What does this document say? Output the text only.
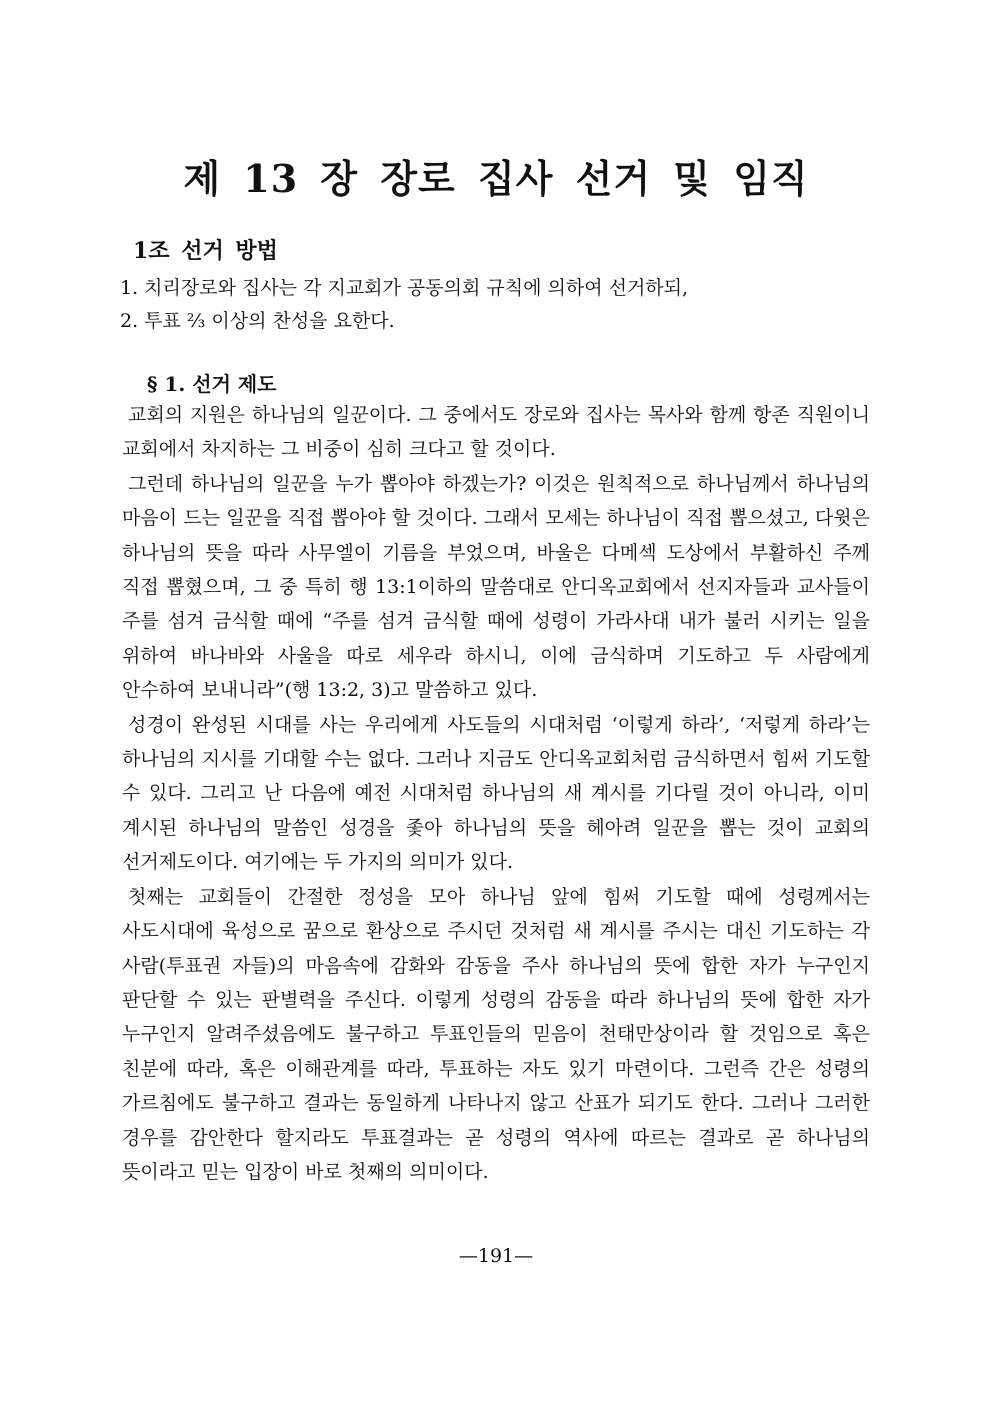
제 13 장 장로 집사 선거 및 임직
1조 선거 방법
1. 치리장로와 집사는 각 지교회가 공동의회 규칙에 의하여 선거하되,
2. 투표 ⅔ 이상의 찬성을 요한다.
§ 1. 선거 제도

교회의 지원은 하나님의 일꾼이다. 그 중에서도 장로와 집사는 목사와 함께 항존 직원이니 교회에서 차지하는 그 비중이 심히 크다고 할 것이다.

그런데 하나님의 일꾼을 누가 뽑아야 하겠는가? 이것은 원칙적으로 하나님께서 하나님의 마음이 드는 일꾼을 직접 뽑아야 할 것이다. 그래서 모세는 하나님이 직접 뽑으셨고, 다윗은 하나님의 뜻을 따라 사무엘이 기름을 부었으며, 바울은 다메섹 도상에서 부활하신 주께 직접 뽑혔으며, 그 중 특히 행 13:1이하의 말씀대로 안디옥교회에서 선지자들과 교사들이 주를 섬겨 금식할 때에 “주를 섬겨 금식할 때에 성령이 가라사대 내가 불러 시키는 일을 위하여 바나바와 사울을 따로 세우라 하시니, 이에 금식하며 기도하고 두 사람에게 안수하여 보내니라”(행 13:2, 3)고 말씀하고 있다.

성경이 완성된 시대를 사는 우리에게 사도들의 시대처럼 ‘이렇게 하라’, ‘저렇게 하라’는 하나님의 지시를 기대할 수는 없다. 그러나 지금도 안디옥교회처럼 금식하면서 힘써 기도할 수 있다. 그리고 난 다음에 예전 시대처럼 하나님의 새 계시를 기다릴 것이 아니라, 이미 계시된 하나님의 말씀인 성경을 좇아 하나님의 뜻을 헤아려 일꾼을 뽑는 것이 교회의 선거제도이다. 여기에는 두 가지의 의미가 있다.

첫째는 교회들이 간절한 정성을 모아 하나님 앞에 힘써 기도할 때에 성령께서는 사도시대에 육성으로 꿈으로 환상으로 주시던 것처럼 새 계시를 주시는 대신 기도하는 각 사람(투표권 자들)의 마음속에 감화와 감동을 주사 하나님의 뜻에 합한 자가 누구인지 판단할 수 있는 판별력을 주신다. 이렇게 성령의 감동을 따라 하나님의 뜻에 합한 자가 누구인지 알려주셨음에도 불구하고 투표인들의 믿음이 천태만상이라 할 것임으로 혹은 친분에 따라, 혹은 이해관계를 따라, 투표하는 자도 있기 마련이다. 그런즉 간은 성령의 가르침에도 불구하고 결과는 동일하게 나타나지 않고 산표가 되기도 한다. 그러나 그러한 경우를 감안한다 할지라도 투표결과는 곧 성령의 역사에 따르는 결과로 곧 하나님의 뜻이라고 믿는 입장이 바로 첫째의 의미이다.

—191—
